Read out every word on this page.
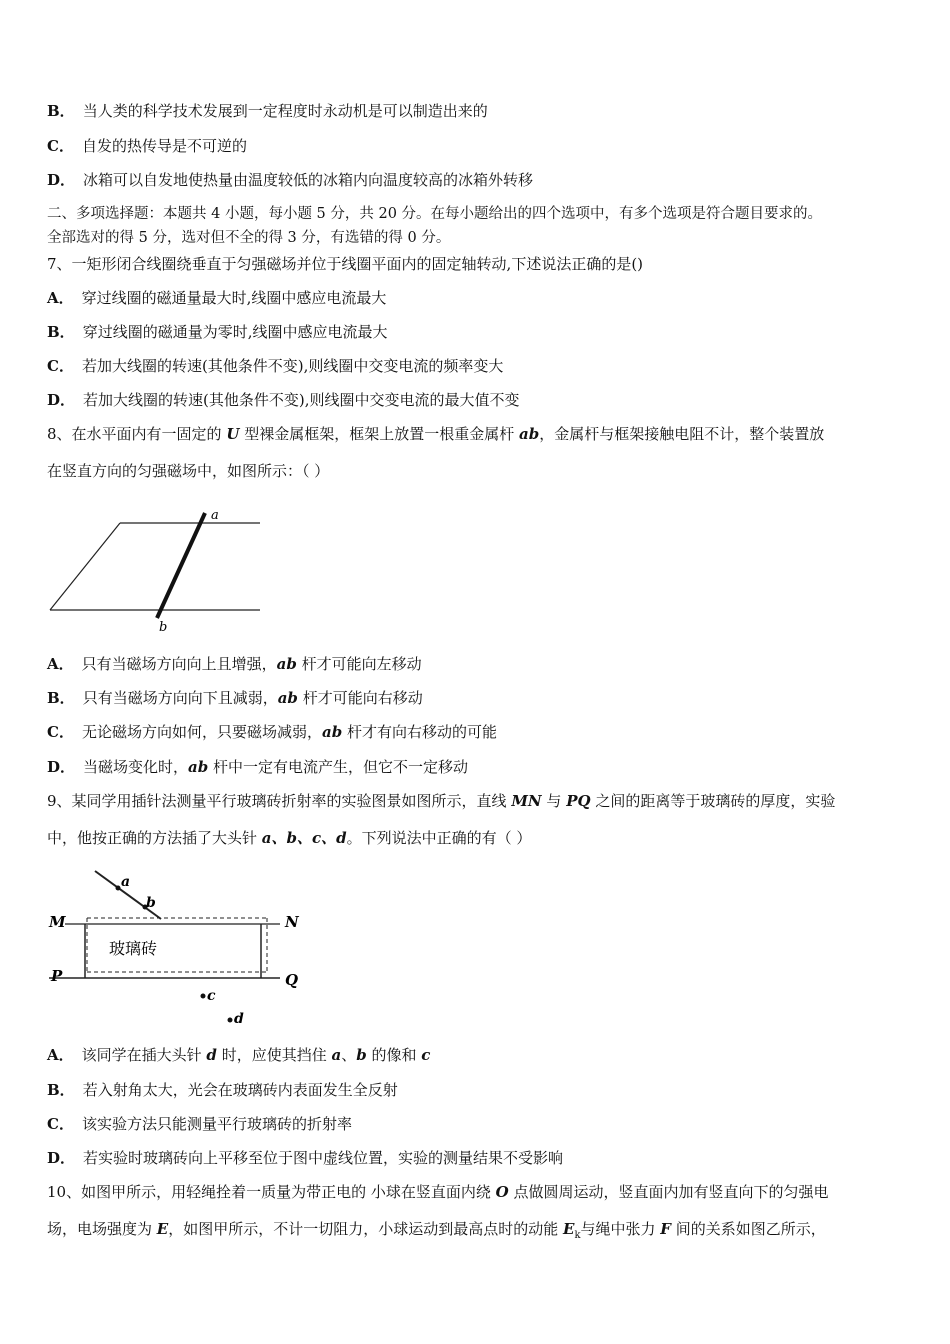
B． 当人类的科学技术发展到一定程度时永动机是可以制造出来的
C． 自发的热传导是不可逆的
D． 冰箱可以自发地使热量由温度较低的冰箱内向温度较高的冰箱外转移
二、多项选择题：本题共 4 小题，每小题 5 分，共 20 分。在每小题给出的四个选项中，有多个选项是符合题目要求的。
全部选对的得 5 分，选对但不全的得 3 分，有选错的得 0 分。
7、一矩形闭合线圈绕垂直于匀强磁场并位于线圈平面内的固定轴转动,下述说法正确的是()
A． 穿过线圈的磁通量最大时,线圈中感应电流最大
B． 穿过线圈的磁通量为零时,线圈中感应电流最大
C． 若加大线圈的转速(其他条件不变),则线圈中交变电流的频率变大
D． 若加大线圈的转速(其他条件不变),则线圈中交变电流的最大值不变
8、在水平面内有一固定的 U 型裸金属框架，框架上放置一根重金属杆 ab，金属杆与框架接触电阻不计，整个装置放
在竖直方向的匀强磁场中，如图所示：（ ）
a
b
A． 只有当磁场方向向上且增强，ab 杆才可能向左移动
B． 只有当磁场方向向下且减弱，ab 杆才可能向右移动
C． 无论磁场方向如何，只要磁场减弱，ab 杆才有向右移动的可能
D． 当磁场变化时，ab 杆中一定有电流产生，但它不一定移动
9、某同学用插针法测量平行玻璃砖折射率的实验图景如图所示，直线 MN 与 PQ 之间的距离等于玻璃砖的厚度，实验
中，他按正确的方法插了大头针 a、b、c、d。下列说法中正确的有（ ）
a
b
M	N
P	Q
玻璃砖
c
d
A． 该同学在插大头针 d 时，应使其挡住 a、b 的像和 c
B． 若入射角太大，光会在玻璃砖内表面发生全反射
C． 该实验方法只能测量平行玻璃砖的折射率
D． 若实验时玻璃砖向上平移至位于图中虚线位置，实验的测量结果不受影响
10、如图甲所示，用轻绳拴着一质量为带正电的 小球在竖直面内绕 O 点做圆周运动，竖直面内加有竖直向下的匀强电
场，电场强度为 E，如图甲所示，不计一切阻力，小球运动到最高点时的动能 $E_k$与绳中张力 F 间的关系如图乙所示，
